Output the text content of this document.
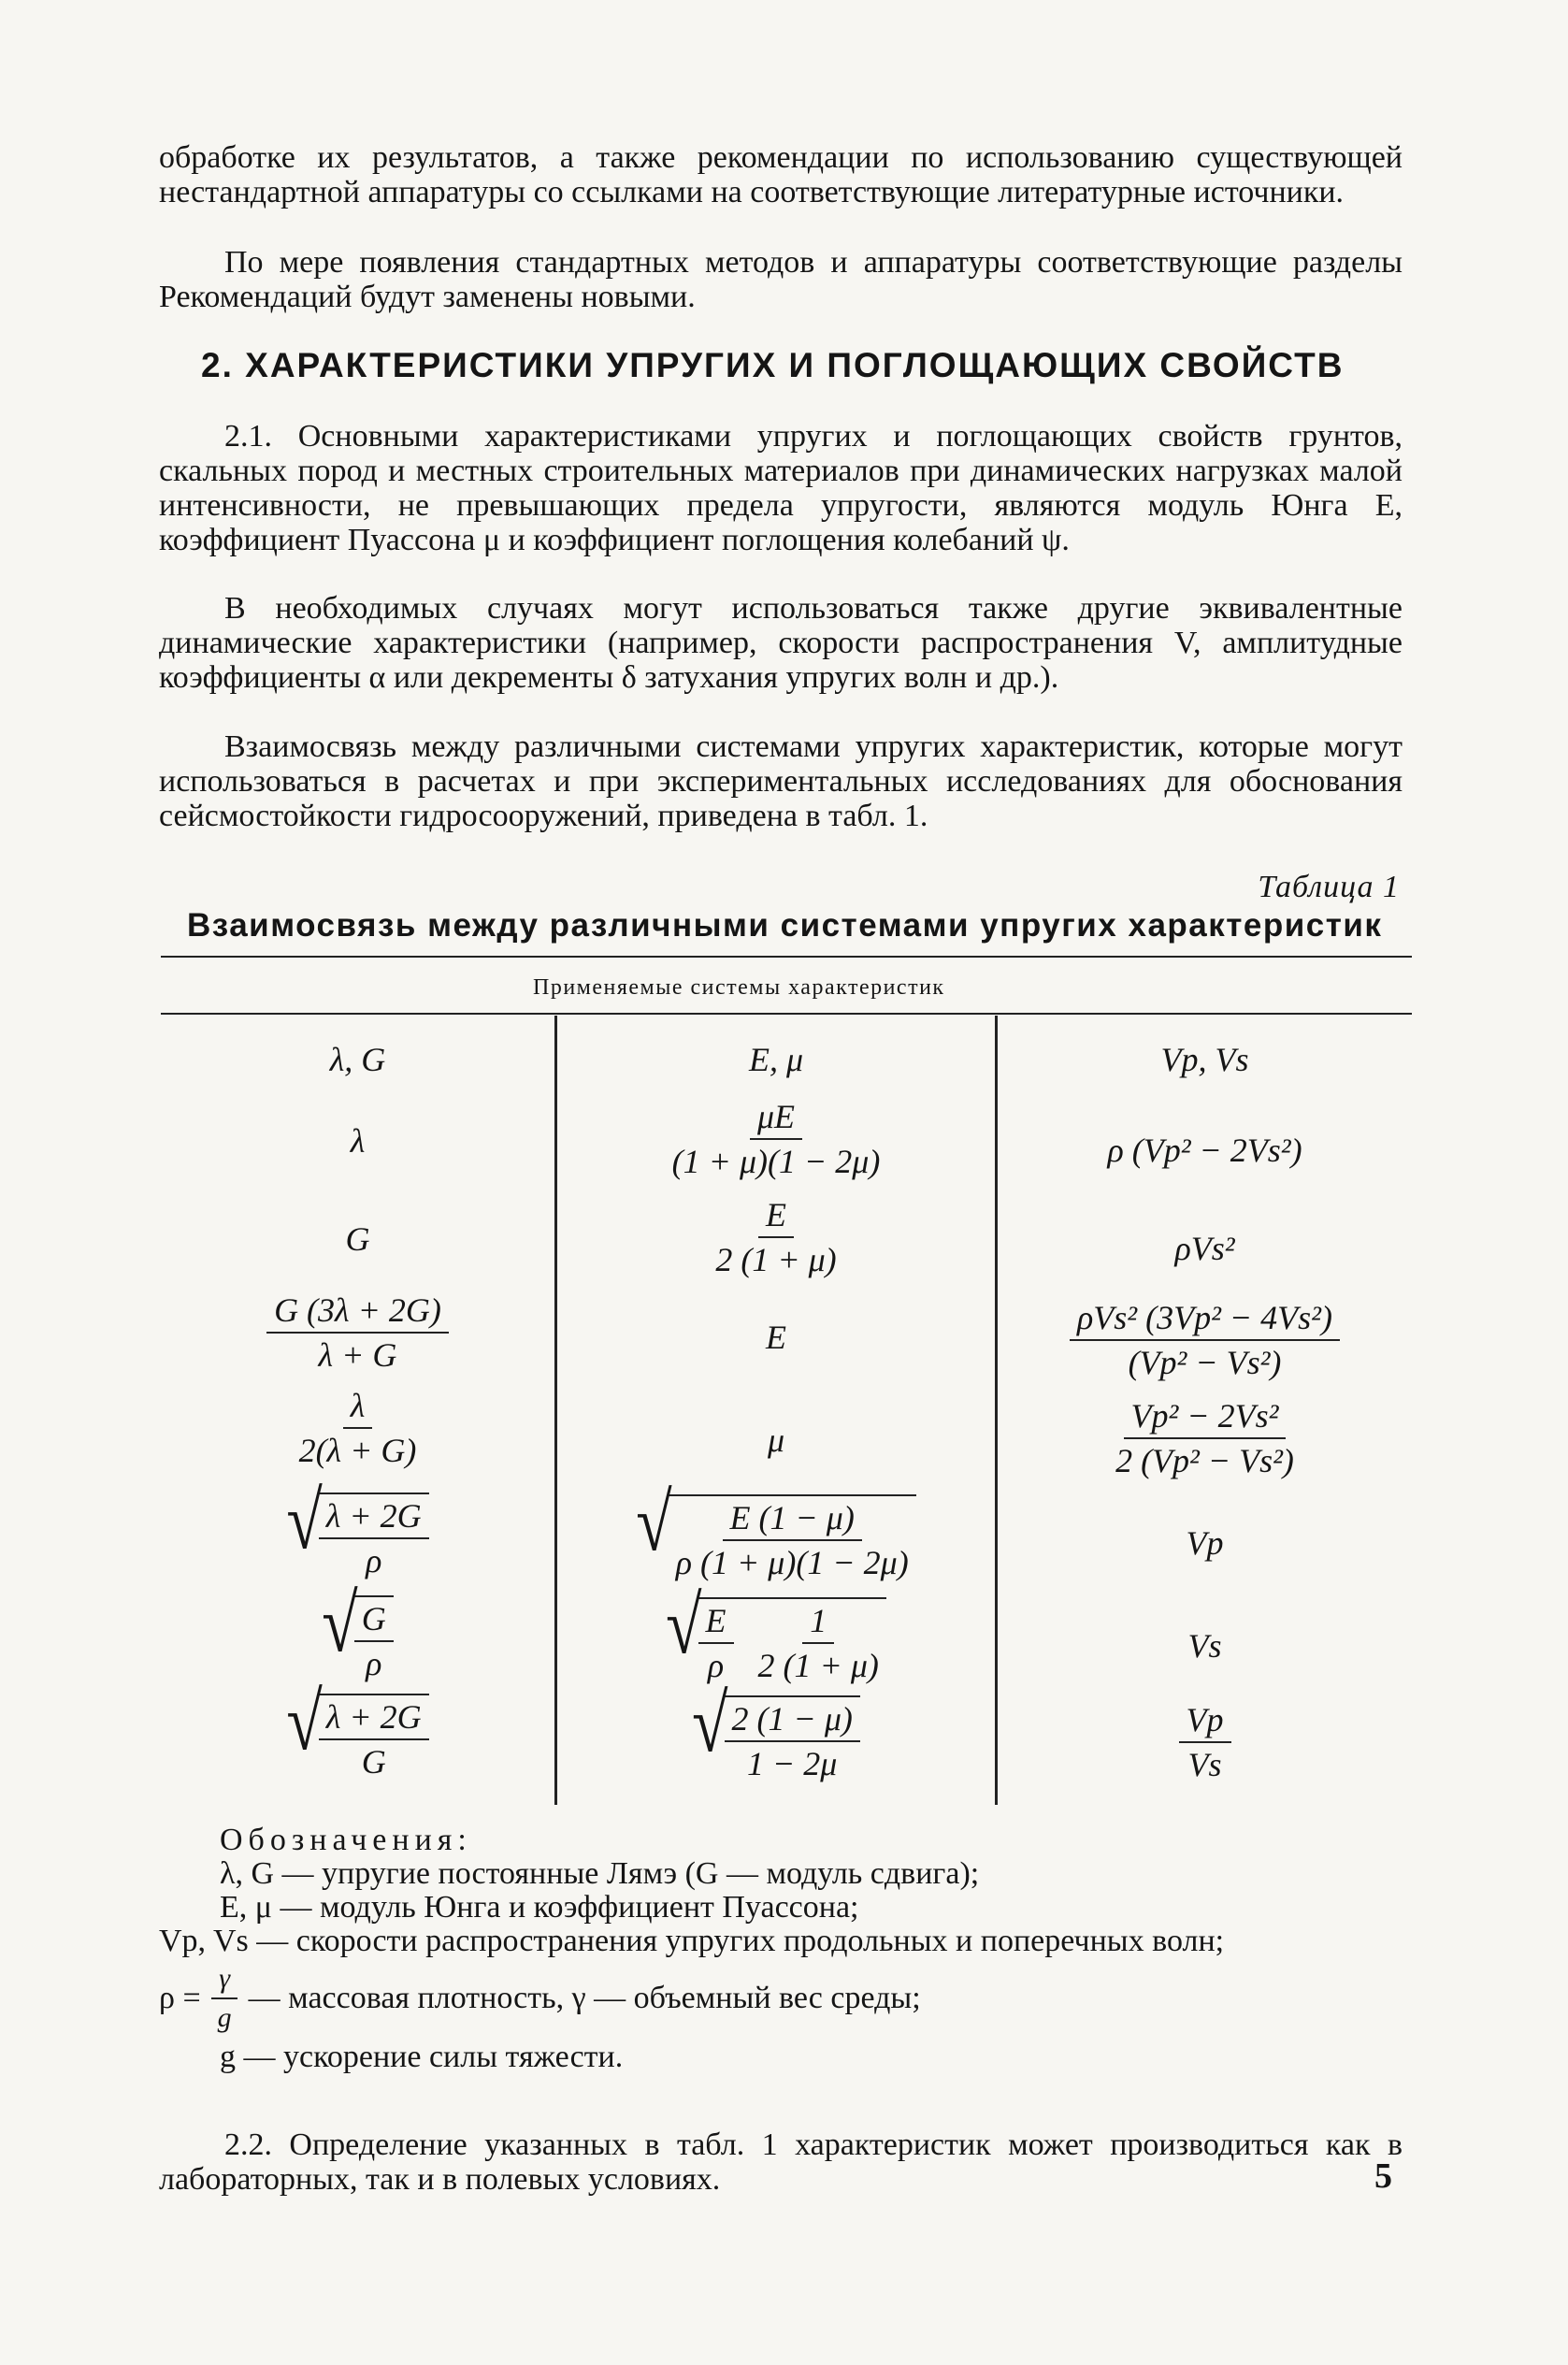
обработке их результатов, а также рекомендации по использованию существующей нестандартной аппаратуры со ссылками на соответствующие литературные источники.

По мере появления стандартных методов и аппаратуры соответствующие разделы Рекомендаций будут заменены новыми.

2. ХАРАКТЕРИСТИКИ УПРУГИХ И ПОГЛОЩАЮЩИХ СВОЙСТВ

2.1. Основными характеристиками упругих и поглощающих свойств грунтов, скальных пород и местных строительных материалов при динамических нагрузках малой интенсивности, не превышающих предела упругости, являются модуль Юнга E, коэффициент Пуассона μ и коэффициент поглощения колебаний ψ.

В необходимых случаях могут использоваться также другие эквивалентные динамические характеристики (например, скорости распространения V, амплитудные коэффициенты α или декременты δ затухания упругих волн и др.).

Взаимосвязь между различными системами упругих характеристик, которые могут использоваться в расчетах и при экспериментальных исследованиях для обоснования сейсмостойкости гидросооружений, приведена в табл. 1.

Таблица 1
Взаимосвязь между различными системами упругих характеристик
Применяемые системы характеристик
λ, G
λ
G
$\frac{G (3\lambda + 2G)}{\lambda + G}$
$\frac{\lambda}{2(\lambda + G)}$
√
$\frac{\lambda + 2G}{\rho}$
√
$\frac{G}{\rho}$
√
$\frac{\lambda + 2G}{G}$
E, μ
$\frac{\mu E}{(1 + \mu)(1 - 2\mu)}$
$\frac{E}{2 (1 + \mu)}$
E
μ
√
$\frac{E (1 - \mu)}{\rho (1 + \mu)(1 - 2\mu)}$
√
$\frac{E}{\rho} \frac{1}{2 (1 + \mu)}$
√
$\frac{2 (1 - \mu)}{1 - 2\mu}$
Vp, Vs
ρ (Vp² − 2Vs²)
ρVs²
$\frac{\text{ρVs² (3Vp² − 4Vs²)}}{\text{(Vp² − Vs²)}}$
$\frac{\text{Vp² − 2Vs²}}{\text{2 (Vp² − Vs²)}}$
Vp
Vs
$\frac{Vp}{Vs}$
Обозначения:
λ, G — упругие постоянные Лямэ (G — модуль сдвига);
E, μ — модуль Юнга и коэффициент Пуассона;
Vp, Vs — скорости распространения упругих продольных и поперечных волн;
$\rho = \frac{\gamma}{g}$ — массовая плотность, γ — объемный вес среды;
g — ускорение силы тяжести.

2.2. Определение указанных в табл. 1 характеристик может производиться как в лабораторных, так и в полевых условиях.	5
